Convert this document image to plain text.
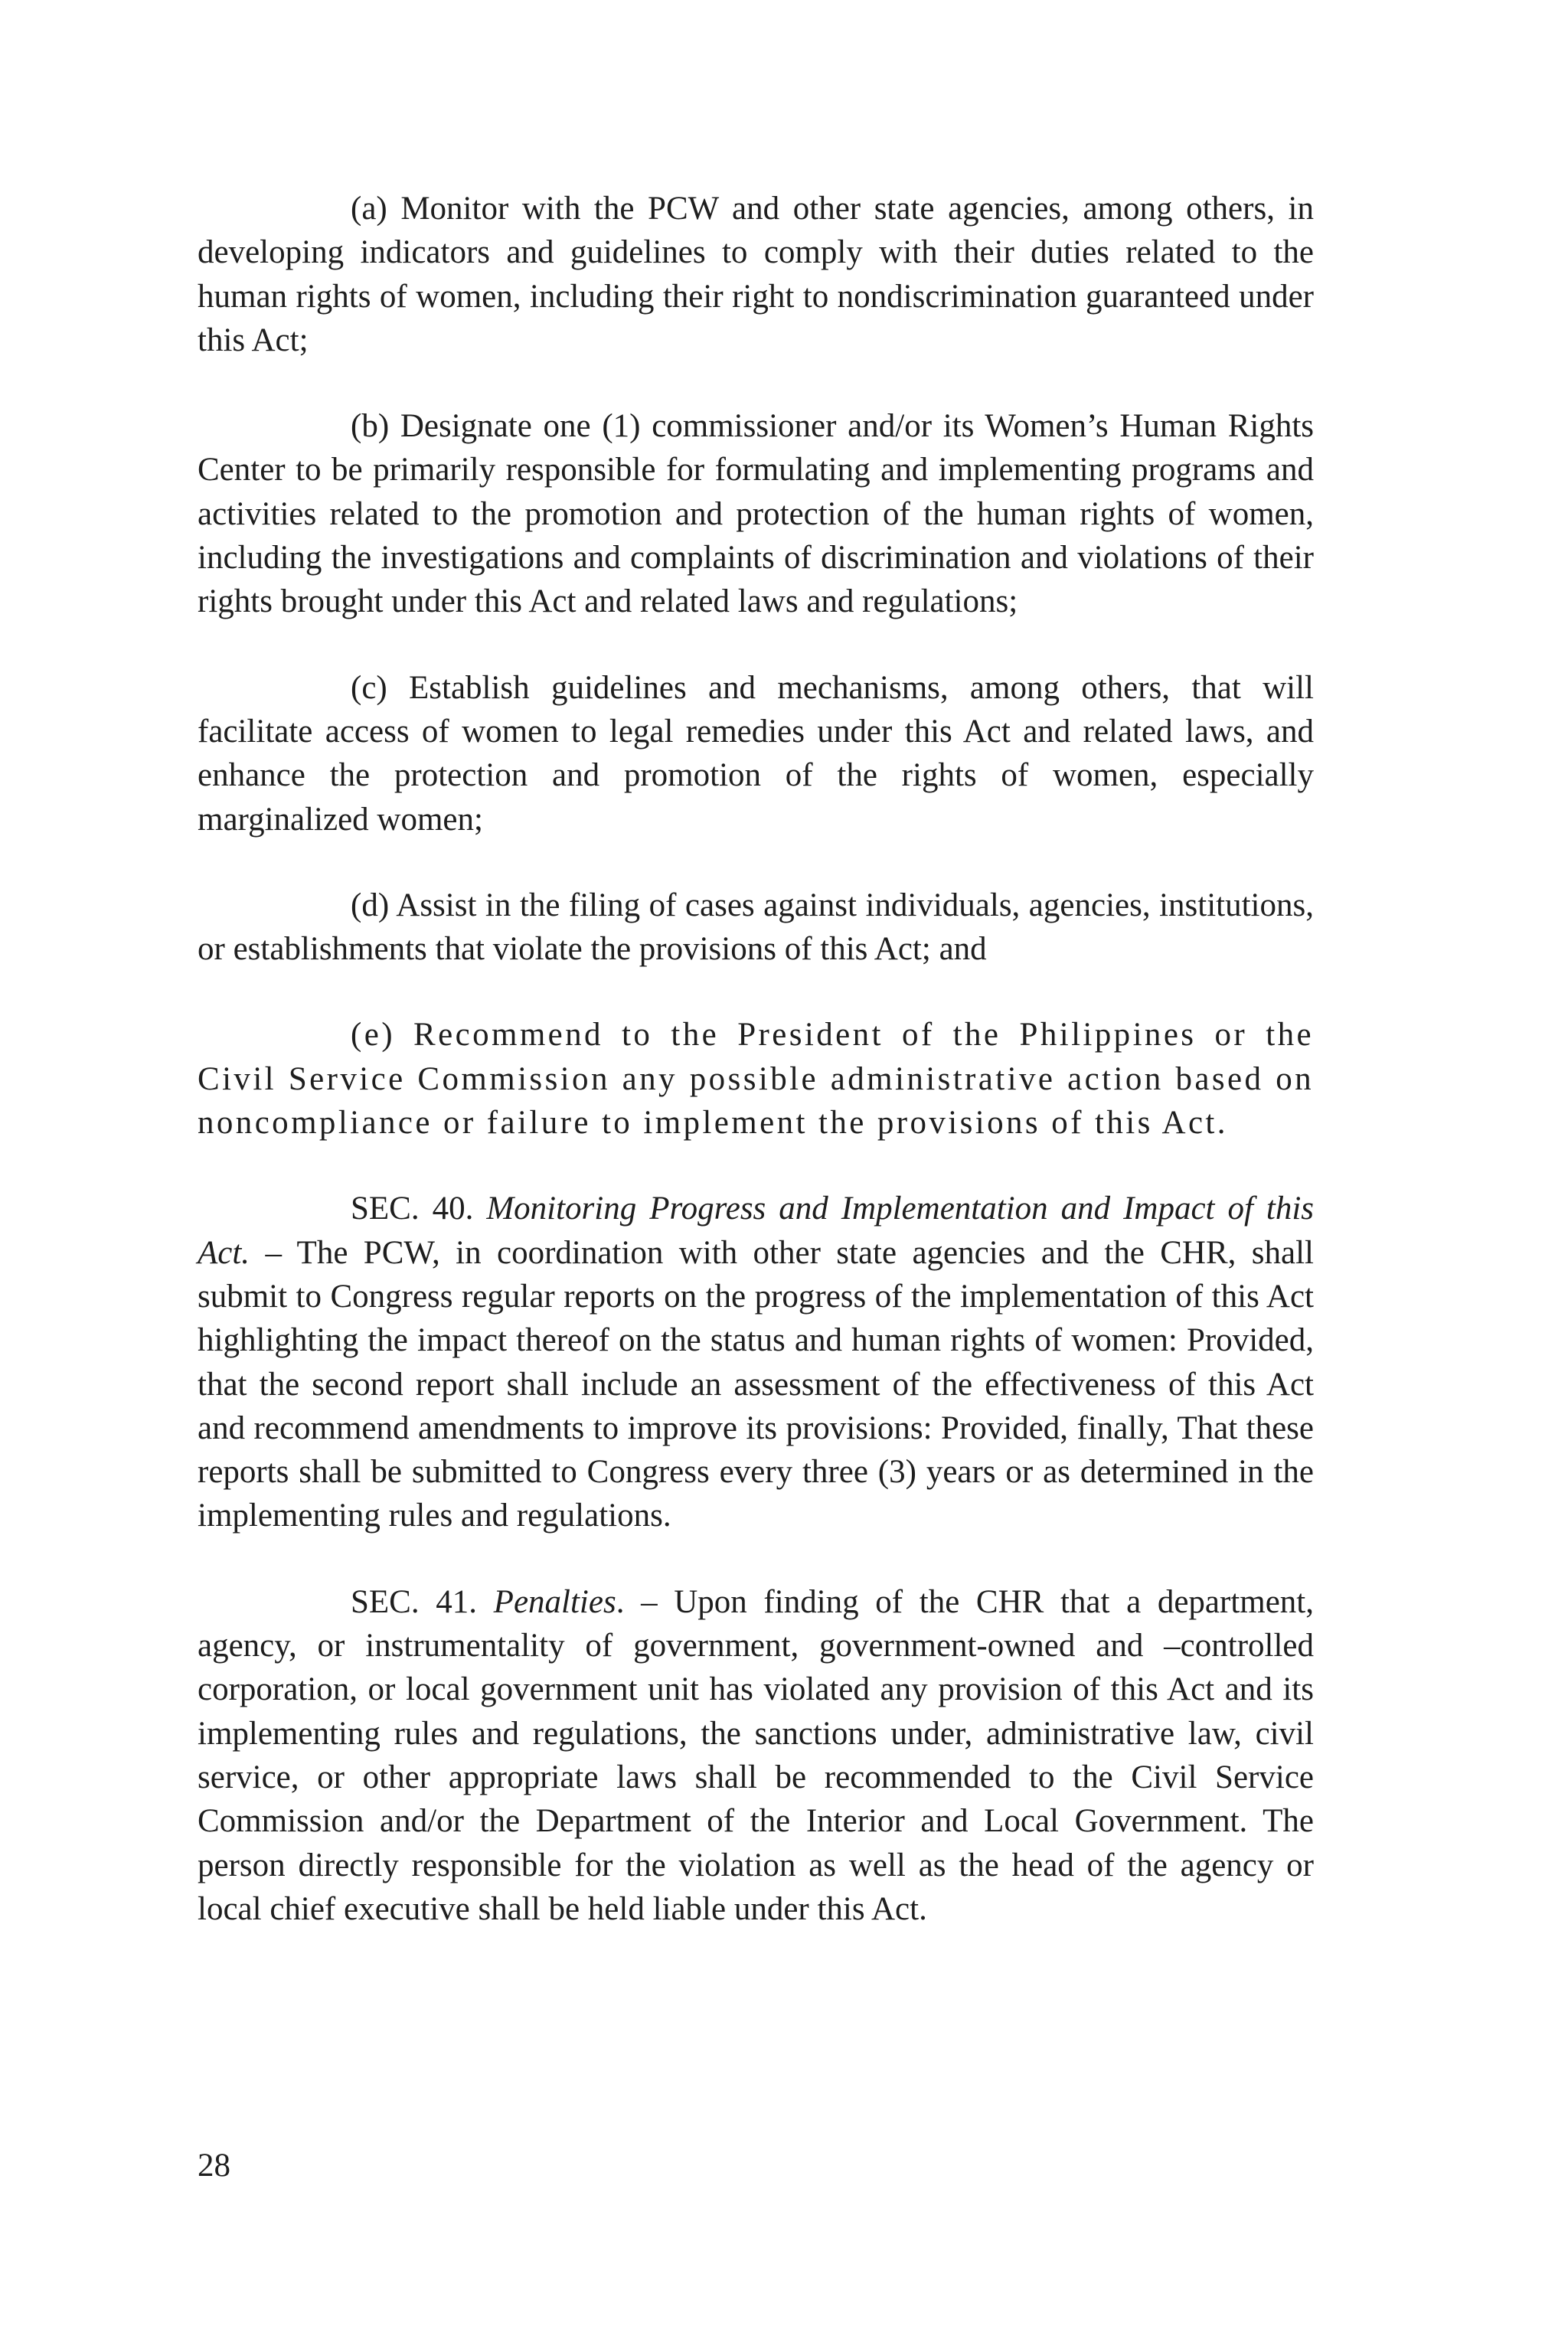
(a) Monitor with the PCW and other state agencies, among others, in developing indicators and guidelines to comply with their duties related to the human rights of women, including their right to nondiscrimination guaranteed under this Act;

(b) Designate one (1) commissioner and/or its Women’s Human Rights Center to be primarily responsible for formulating and implementing programs and activities related to the promotion and protection of the human rights of women, including the investigations and complaints of discrimination and violations of their rights brought under this Act and related laws and regulations;

(c) Establish guidelines and mechanisms, among others, that will facilitate access of women to legal remedies under this Act and related laws, and enhance the protection and promotion of the rights of women, especially marginalized women;

(d) Assist in the filing of cases against individuals, agencies, institutions, or establishments that violate the provisions of this Act; and

(e) Recommend to the President of the Philippines or the Civil Service Commission any possible administrative action based on noncompliance or failure to implement the provisions of this Act.

SEC. 40. Monitoring Progress and Implementation and Impact of this Act. – The PCW, in coordination with other state agencies and the CHR, shall submit to Congress regular reports on the progress of the implementation of this Act highlighting the impact thereof on the status and human rights of women: Provided, that the second report shall include an assessment of the effectiveness of this Act and recommend amendments to improve its provisions: Provided, finally, That these reports shall be submitted to Congress every three (3) years or as determined in the implementing rules and regulations.

SEC. 41. Penalties. – Upon finding of the CHR that a department, agency, or instrumentality of government, government-owned and –controlled corporation, or local government unit has violated any provision of this Act and its implementing rules and regulations, the sanctions under, administrative law, civil service, or other appropriate laws shall be recommended to the Civil Service Commission and/or the Department of the Interior and Local Government. The person directly responsible for the violation as well as the head of the agency or local chief executive shall be held liable under this Act.

28
